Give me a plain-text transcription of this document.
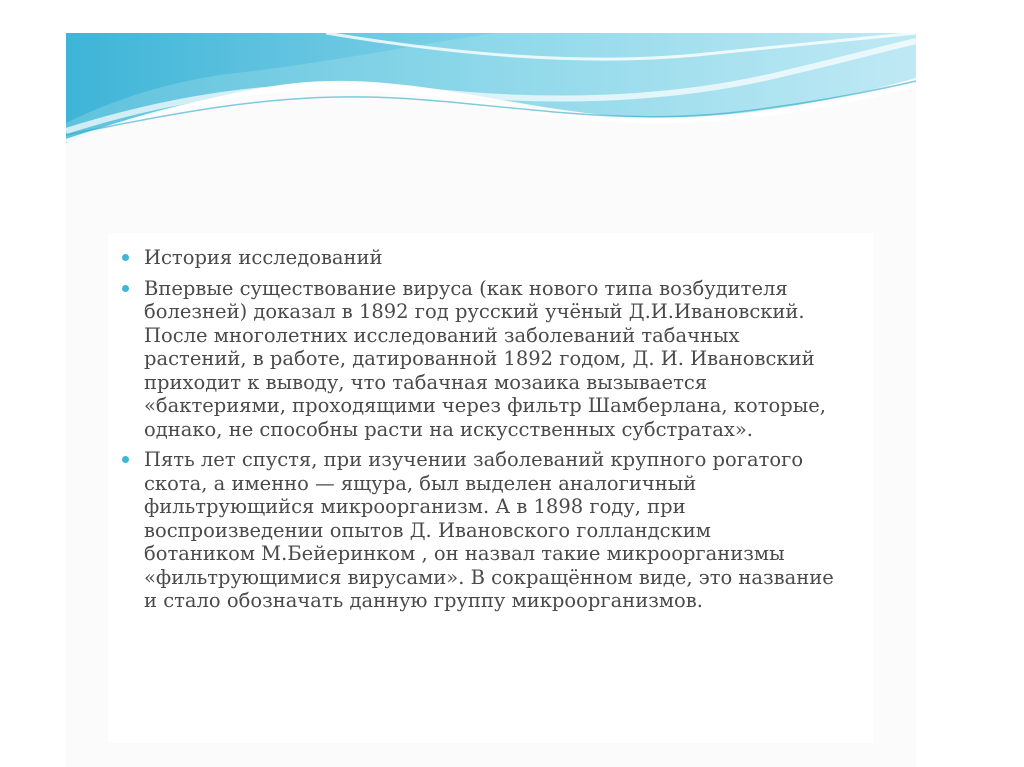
История исследований
Впервые существование вируса (как нового типа возбудителя
болезней) доказал в 1892 год русский учёный Д.И.Ивановский.
После многолетних исследований заболеваний табачных
растений, в работе, датированной 1892 годом, Д. И. Ивановский
приходит к выводу, что табачная мозаика вызывается
«бактериями, проходящими через фильтр Шамберлана, которые,
однако, не способны расти на искусственных субстратах».
Пять лет спустя, при изучении заболеваний крупного рогатого
скота, а именно — ящура, был выделен аналогичный
фильтрующийся микроорганизм. А в 1898 году, при
воспроизведении опытов Д. Ивановского голландским
ботаником М.Бейеринком , он назвал такие микроорганизмы
«фильтрующимися вирусами». В сокращённом виде, это название
и стало обозначать данную группу микроорганизмов.
